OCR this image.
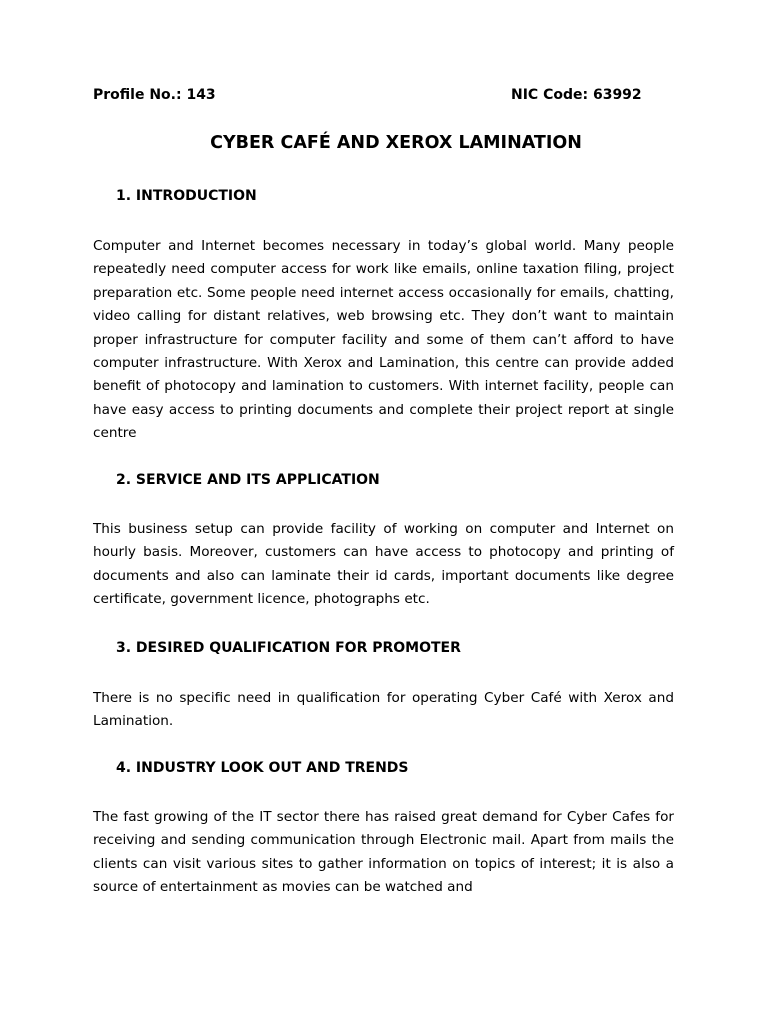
Profile No.: 143	NIC Code: 63992
CYBER CAFÉ AND XEROX LAMINATION
1. INTRODUCTION

Computer and Internet becomes necessary in today’s global world. Many people repeatedly need computer access for work like emails, online taxation filing, project preparation etc. Some people need internet access occasionally for emails, chatting, video calling for distant relatives, web browsing etc. They don’t want to maintain proper infrastructure for computer facility and some of them can’t afford to have computer infrastructure. With Xerox and Lamination, this centre can provide added benefit of photocopy and lamination to customers. With internet facility, people can have easy access to printing documents and complete their project report at single centre

2. SERVICE AND ITS APPLICATION

This business setup can provide facility of working on computer and Internet on hourly basis. Moreover, customers can have access to photocopy and printing of documents and also can laminate their id cards, important documents like degree certificate, government licence, photographs etc.

3. DESIRED QUALIFICATION FOR PROMOTER

There is no specific need in qualification for operating Cyber Café with Xerox and Lamination.

4. INDUSTRY LOOK OUT AND TRENDS

The fast growing of the IT sector there has raised great demand for Cyber Cafes for receiving and sending communication through Electronic mail. Apart from mails the clients can visit various sites to gather information on topics of interest; it is also a source of entertainment as movies can be watched and
